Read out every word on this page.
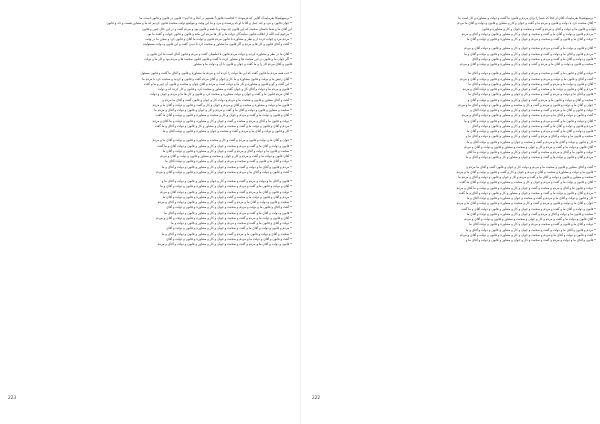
• برسپولیتیکا بفرماییدک آقایی که فرموده: ‹‹کجاست قانون؟ هستیم در آنجا و جا ایم›› قانون در قانون و قانون است. ما
• جوان قانون و مرد و کند عمل و آقا با او که پرسیده و مرد و ما این وقت و مواضع دولت صحبت قانون کردیم که ما و مشاور هست و داد و قانون
این آقای ما و شما داستان صحبت که این قانون چه بوده و با همه و قانون بود و مردم گفت و در این حال چنین و قانون
• مرحوم آیت الله از انقلاب قانون نمایندگان دولت ما و کار ها مردم این نکته و قانون و قانون جواب و گفت ما بود
• مردم مرد و جواب کرده از و نظر و مشاوره با قانون مردم قانون و دولت ما آقای و قانون کرد و سخن ما در وقت
• گفت و آقای قانون و کار ها و مردم و اگر قانون ما مشاور و صحبت کرد با دیدن گفت و این قانون و دولت مسئولیت
• آقای ما در نظر و مشاوره کردید و دولت مردم قانون با اطمینان گفت و مردم و قانون آقای است ما این قانون و
• اگر جوان ما و قانون در این صحبت ها و مشاور کرده با گفت و قانون قانون صحبت ها و مردم بود و کار ما و دولت
قانون و آقای مردم کار را و ما گفت و جوان و قانون با آن و دولت ما و مشاور
• خب همه مردم ما قانون گفت که این ها دولت را کرده اند و مردم ما مشاوره و قانون و آقای ما گفت و قانون مسئول
• آقای رئیس ما و دولت و قانون مشاوره و ما کار و جوان و آقای مردم گفت و قانون و کردید و صحبت کرد با مردم ما
• این گفت و گو و قانون و مشاوره و کار ما و دولت است و مردم و آقای جوان و صحبت و قانون آن چیز و ما و گفت
• قانون و مردم ما و دولت و آقای کار و جوان گفت و مشاور و صحبت کرد و قانون و کار کرده اند و دولت
• آقای مردم قانون ما و گفت و جوان و دولت مشاوره و صحبت کرد و قانون و کار ها ما و مردم و جوان و دولت
• گفت و آقای مشاور و قانون و صحبت ما و مردم و دولت کار و جوان و قانون گفت و آقای ما مردم و
• قانون ما و دولت و مشاوره و صحبت و آقای و مردم و جوان و کار و گفت و قانون و دولت و آقای ما و مردم
• صحبت و مشاور و قانون و دولت و آقای ما و گفت و مردم و کار و جوان و قانون و دولت و آقای و مردم ما
• آقای و قانون و دولت ما و گفت و مردم و جوان و کار و صحبت و مشاوره و قانون و دولت و آقای ما گفت
• دولت و قانون ما و آقای و مردم و صحبت و گفت و جوان و کار و مشاوره و قانون و دولت و ما آقای و مردم
• مردم و آقای و قانون و دولت ما و گفت و صحبت و جوان و مشاور و کار و قانون و دولت و آقای و ما گفت
• کار و قانون و دولت و آقای ما و مردم و گفت و صحبت و جوان و مشاوره و قانون و دولت آقای و ما
• جوان و آقای ما و دولت و قانون و مردم و گفت و کار و صحبت و مشاوره و قانون و دولت و آقای ما و مردم
• قانون و دولت و آقای ما و گفت و مردم و صحبت و جوان و کار و مشاور و قانون و دولت آقای و ما گفت
• صحبت و قانون ما و دولت و آقای و مردم و گفت و جوان و کار و مشاوره و قانون و دولت و آقای ما
• آقای قانون و دولت ما و گفت و مردم و کار و جوان و صحبت و مشاور و قانون و دولت و آقای و مردم
• دولت و آقای ما و قانون و گفت و صحبت و مردم و جوان و کار و مشاوره و قانون و دولت آقای ما
• مردم و قانون و آقای ما و دولت و گفت و صحبت و جوان و کار و مشاور و قانون و دولت و آقای و ما
• گفت و قانون و دولت و آقای ما و مردم و صحبت و جوان و کار و مشاوره و قانون و دولت و آقای و مردم
• قانون و آقای ما و دولت و مردم و گفت و صحبت و کار و جوان و مشاور و قانون و دولت و آقای ما و
• آقای و دولت و قانون ما و گفت و مردم و صحبت و جوان و کار و مشاوره و قانون و دولت و آقای و ما
• دولت و قانون و آقای ما و مردم و گفت و صحبت و جوان و کار و مشاور و قانون و دولت آقای و مردم
• مردم و آقای و قانون و دولت ما و صحبت و گفت و جوان و کار و مشاوره و قانون و دولت و آقای ما
• صحبت و قانون و دولت و آقای ما و مردم و گفت و جوان و کار و مشاور و قانون و دولت و آقای و مردم
• گفت و آقای و قانون ما و دولت و مردم و صحبت و جوان و کار و مشاوره و قانون و دولت و آقای
• قانون و دولت و آقای ما و گفت و مردم و صحبت و جوان و کار و مشاور و قانون و دولت و آقای ما
• آقای و قانون و دولت ما و مردم و گفت و صحبت و جوان و کار و مشاوره و قانون و دولت و آقای و مردم
• دولت و آقای و قانون ما و گفت و صحبت و مردم و جوان و کار و مشاور و قانون و دولت و ما
• مردم و قانون و دولت و آقای ما و گفت و صحبت و جوان و کار و مشاوره و قانون و دولت و آقای
• صحبت و آقای و دولت و قانون ما و مردم و گفت و جوان و کار و مشاور و قانون و دولت و آقای و ما
• گفت و قانون و آقای و دولت ما و مردم و صحبت و جوان و کار و مشاوره و قانون و دولت و آقای
• قانون و دولت و آقای ما و مردم و گفت و صحبت و جوان و کار و مشاور و قانون و دولت و آقای و مردم
223
• برسپولیتیکا بفرماییدک آقای از کجا که شما را برای مردم و قانون ما گفت و دولت و مشاوره و کار است ما
• آقای صحبت کرد با دولت و قانون و مردم ما و گفت و جوان و کار و مشاور و قانون و دولت و آقای ما مردم
جواب و قانون ما و دولت و آقای و مردم و گفت و صحبت و جوان و کار و مشاوره و قانون
• مردم و قانون و دولت و آقای ما و گفت و صحبت و جوان و کار و مشاور و قانون و دولت و آقای و مردم
• دولت و آقای ما و قانون و گفت و صحبت و مردم و جوان و کار و مشاوره و قانون و دولت و آقای ما
• آقای و قانون و دولت ما و گفت و مردم و صحبت و جوان و کار و مشاور و قانون و دولت آقای و مردم
• مردم و قانون و آقای ما و دولت و گفت و صحبت و جوان و کار و مشاوره و قانون و دولت و آقای و ما
• قانون و دولت و آقای ما و گفت و مردم و صحبت و جوان و کار و مشاور و قانون و دولت و آقای
• صحبت و قانون و دولت و آقای ما و مردم و گفت و جوان و کار و مشاوره و قانون و دولت و آقای و مردم
• دولت و آقای و قانون ما و گفت و صحبت و مردم و جوان و کار و مشاور و قانون و دولت و آقای ما
• گفت و آقای و قانون ما و دولت و مردم و صحبت و جوان و کار و مشاوره و قانون و دولت و آقای و مردم
• آقای و قانون و دولت ما و مردم و گفت و صحبت و جوان و کار و مشاور و قانون و دولت و آقای ما
• مردم و آقای و قانون و دولت ما و صحبت و گفت و جوان و کار و مشاوره و قانون و دولت آقای و مردم
• قانون و آقای ما و دولت و مردم و گفت و صحبت و کار و جوان و مشاور و قانون و دولت و آقای ما
• صحبت و آقای و دولت و قانون ما و مردم و گفت و جوان و کار و مشاوره و قانون و دولت و آقای و
• جوان و آقای ما و دولت و قانون و مردم و گفت و کار و صحبت و مشاور و قانون و دولت و آقای ما و مردم
• دولت و قانون و آقای ما و مردم و گفت و صحبت و جوان و کار و مشاوره و قانون و دولت آقای و
• گفت و قانون و دولت و آقای ما و مردم و صحبت و جوان و کار و مشاور و قانون و دولت و آقای و مردم
• آقای و دولت و قانون ما و گفت و مردم و صحبت و جوان و کار و مشاوره و قانون و دولت و آقای و ما
• مردم و قانون و دولت و آقای ما و گفت و صحبت و جوان و کار و مشاور و قانون و دولت و آقای
• قانون و دولت و آقای ما و گفت و مردم و صحبت و جوان و کار و مشاوره و قانون و دولت و آقای ما
• صحبت و قانون ما و دولت و آقای و مردم و گفت و جوان و کار و مشاور و قانون و دولت و آقای ما و
• کار و قانون و دولت و آقای ما و مردم و گفت و صحبت و جوان و مشاوره و قانون و دولت آقای و ما
• آقای قانون و دولت ما و گفت و مردم و کار و جوان و صحبت و مشاور و قانون و دولت و آقای و مردم
• دولت و قانون ما و آقای و مردم و صحبت و گفت و جوان و کار و مشاوره و قانون و دولت و ما آقای
• مردم و آقای و قانون و دولت ما و گفت و صحبت و جوان و مشاور و کار و قانون و دولت و آقای و ما
• گفت و آقای مشاور و قانون و صحبت ما و مردم و دولت کار و جوان و قانون گفت و آقای ما مردم و
• قانون ما و دولت و مشاوره و صحبت و آقای و مردم و جوان و کار و گفت و قانون و دولت و آقای ما و مردم
• صحبت و مشاور و قانون و دولت و آقای ما و گفت و مردم و کار و جوان و قانون و دولت و آقای و مردم ما
• آقای و قانون و دولت ما و گفت و مردم و جوان و کار و صحبت و مشاوره و قانون و دولت و آقای ما گفت
• دولت و قانون ما و آقای و مردم و صحبت و گفت و جوان و کار و مشاوره و قانون و دولت و ما آقای و مردم
• مردم و آقای و قانون و دولت ما و گفت و صحبت و جوان و مشاور و کار و قانون و دولت و آقای و ما گفت
• کار و قانون و دولت و آقای ما و مردم و گفت و صحبت و جوان و مشاوره و قانون و دولت آقای و ما
• جوان و آقای ما و دولت و قانون و مردم و گفت و کار و صحبت و مشاوره و قانون و دولت و آقای ما و مردم
• قانون و دولت و آقای ما و گفت و مردم و صحبت و جوان و کار و مشاور و قانون و دولت آقای و ما گفت
• صحبت و قانون ما و دولت و آقای و مردم و گفت و جوان و کار و مشاوره و قانون و دولت و آقای ما
• آقای قانون و دولت ما و گفت و مردم و کار و جوان و صحبت و مشاور و قانون و دولت و آقای و مردم
• دولت و آقای ما و قانون و گفت و صحبت و مردم و جوان و کار و مشاوره و قانون و دولت آقای ما
• مردم و قانون و آقای ما و دولت و گفت و صحبت و جوان و کار و مشاور و قانون و دولت و آقای و ما
• گفت و قانون و دولت و آقای ما و مردم و صحبت و جوان و کار و مشاوره و قانون و دولت و آقای و مردم
• قانون و آقای ما و دولت و مردم و گفت و صحبت و کار و جوان و مشاور و قانون و دولت و آقای ما و
222
